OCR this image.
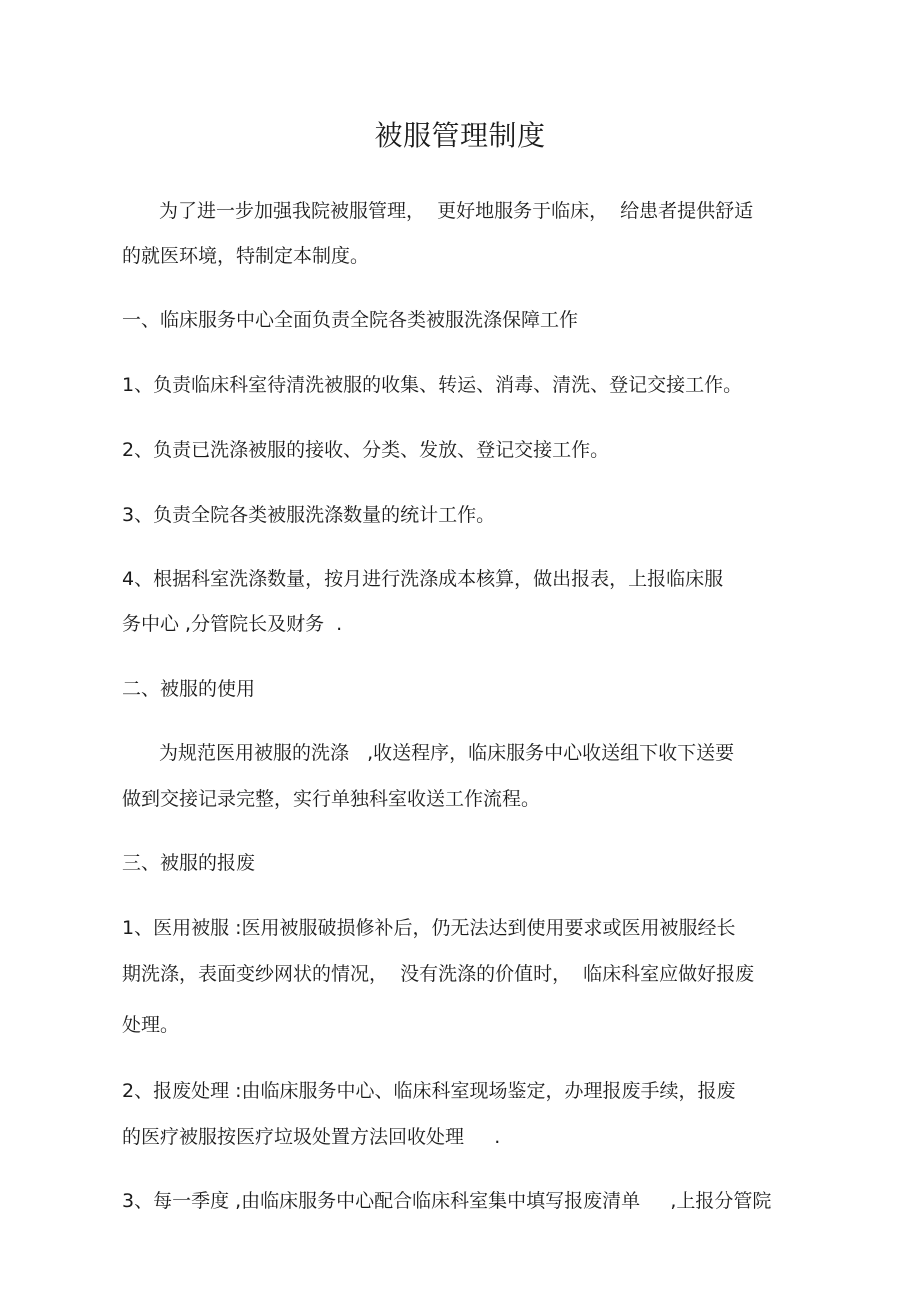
被服管理制度
　为了进一步加强我院被服管理，  更好地服务于临床，  给患者提供舒适
的就医环境，特制定本制度。
一、临床服务中心全面负责全院各类被服洗涤保障工作
1、负责临床科室待清洗被服的收集、转运、消毒、清洗、登记交接工作。
2、负责已洗涤被服的接收、分类、发放、登记交接工作。
3、负责全院各类被服洗涤数量的统计工作。
4、根据科室洗涤数量，按月进行洗涤成本核算，做出报表，上报临床服
务中心 ,分管院长及财务  .
二、被服的使用
　为规范医用被服的洗涤   ,收送程序，临床服务中心收送组下收下送要
做到交接记录完整，实行单独科室收送工作流程。
三、被服的报废
1、医用被服 :医用被服破损修补后，仍无法达到使用要求或医用被服经长
期洗涤，表面变纱网状的情况，  没有洗涤的价值时，  临床科室应做好报废
处理。
2、报废处理 :由临床服务中心、临床科室现场鉴定，办理报废手续，报废
的医疗被服按医疗垃圾处置方法回收处理     .
3、每一季度 ,由临床服务中心配合临床科室集中填写报废清单     ,上报分管院
